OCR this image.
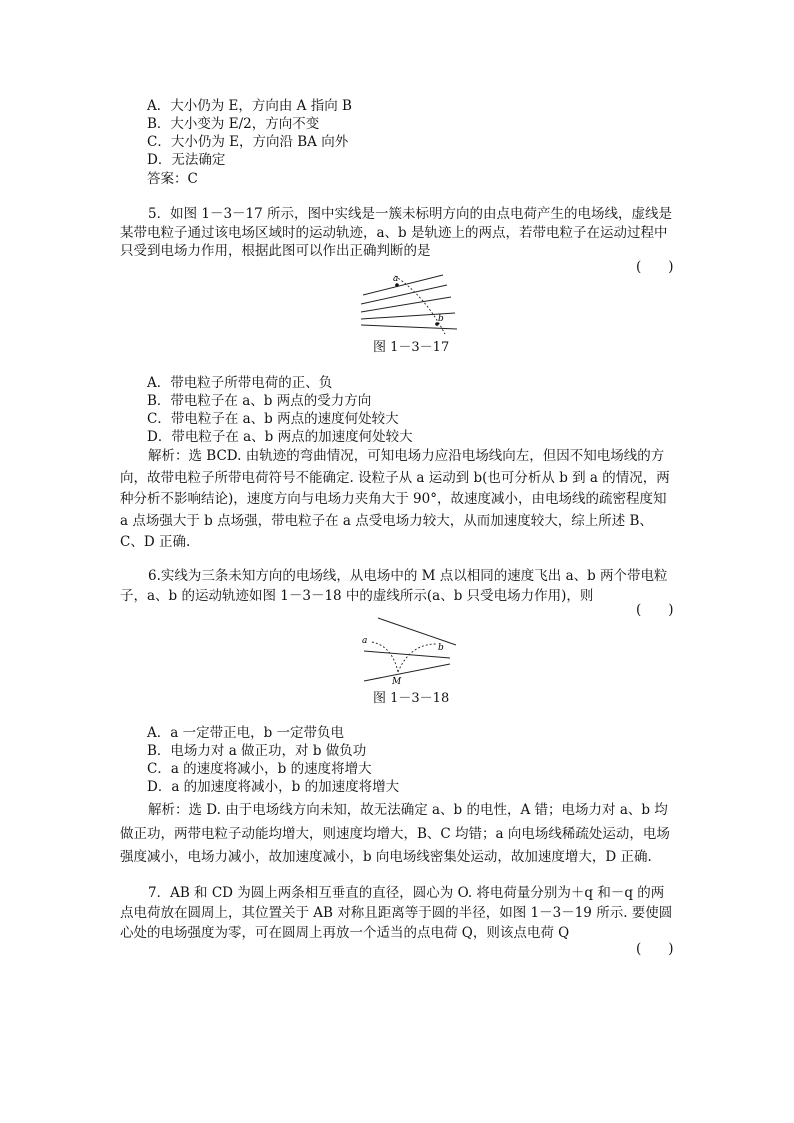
A．大小仍为 E，方向由 A 指向 B
B．大小变为 E/2，方向不变
C．大小仍为 E，方向沿 BA 向外
D．无法确定
答案：C
5．如图 1－3－17 所示，图中实线是一簇未标明方向的由点电荷产生的电场线，虚线是某带电粒子通过该电场区域时的运动轨迹，a、b 是轨迹上的两点，若带电粒子在运动过程中只受到电场力作用，根据此图可以作出正确判断的是
(　　)
a
b
图 1－3－17
A．带电粒子所带电荷的正、负
B．带电粒子在 a、b 两点的受力方向
C．带电粒子在 a、b 两点的速度何处较大
D．带电粒子在 a、b 两点的加速度何处较大
解析：选 BCD. 由轨迹的弯曲情况，可知电场力应沿电场线向左，但因不知电场线的方向，故带电粒子所带电荷符号不能确定. 设粒子从 a 运动到 b(也可分析从 b 到 a 的情况，两种分析不影响结论)，速度方向与电场力夹角大于 90°，故速度减小，由电场线的疏密程度知 a 点场强大于 b 点场强，带电粒子在 a 点受电场力较大，从而加速度较大，综上所述 B、C、D 正确.
6.实线为三条未知方向的电场线，从电场中的 M 点以相同的速度飞出 a、b 两个带电粒子，a、b 的运动轨迹如图 1－3－18 中的虚线所示(a、b 只受电场力作用)，则
(　　)
a
b
M
图 1－3－18
A．a 一定带正电，b 一定带负电
B．电场力对 a 做正功，对 b 做负功
C．a 的速度将减小，b 的速度将增大
D．a 的加速度将减小，b 的加速度将增大
解析：选 D. 由于电场线方向未知，故无法确定 a、b 的电性，A 错；电场力对 a、b 均做正功，两带电粒子动能均增大，则速度均增大，B、C 均错；a 向电场线稀疏处运动，电场强度减小，电场力减小，故加速度减小，b 向电场线密集处运动，故加速度增大，D 正确.
7．AB 和 CD 为圆上两条相互垂直的直径，圆心为 O. 将电荷量分别为＋q 和－q 的两点电荷放在圆周上，其位置关于 AB 对称且距离等于圆的半径，如图 1－3－19 所示. 要使圆心处的电场强度为零，可在圆周上再放一个适当的点电荷 Q，则该点电荷 Q
(　　)
